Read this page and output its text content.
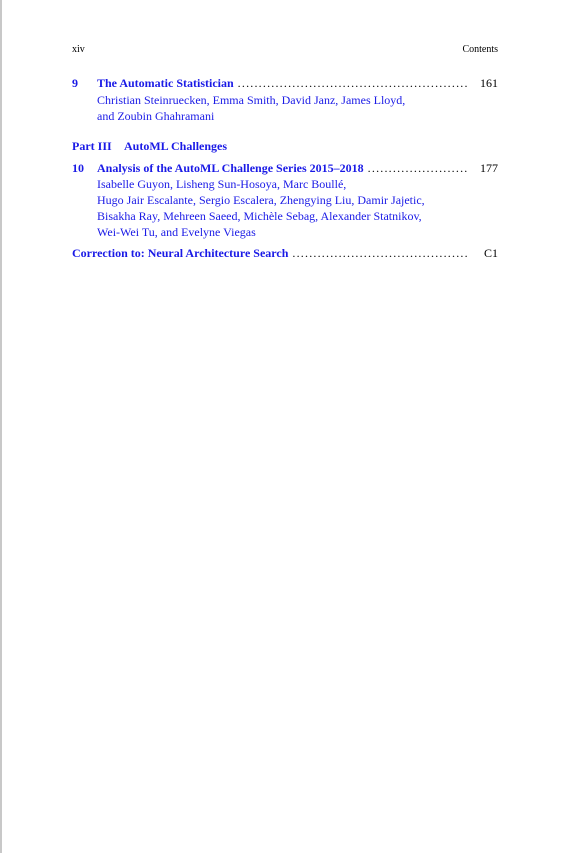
xiv	Contents
9 The Automatic Statistician .....	161
Christian Steinruecken, Emma Smith, David Janz, James Lloyd,
and Zoubin Ghahramani
Part III AutoML Challenges
10 Analysis of the AutoML Challenge Series 2015–2018 .....	177
Isabelle Guyon, Lisheng Sun-Hosoya, Marc Boullé,
Hugo Jair Escalante, Sergio Escalera, Zhengying Liu, Damir Jajetic,
Bisakha Ray, Mehreen Saeed, Michèle Sebag, Alexander Statnikov,
Wei-Wei Tu, and Evelyne Viegas
Correction to: Neural Architecture Search .....	C1
